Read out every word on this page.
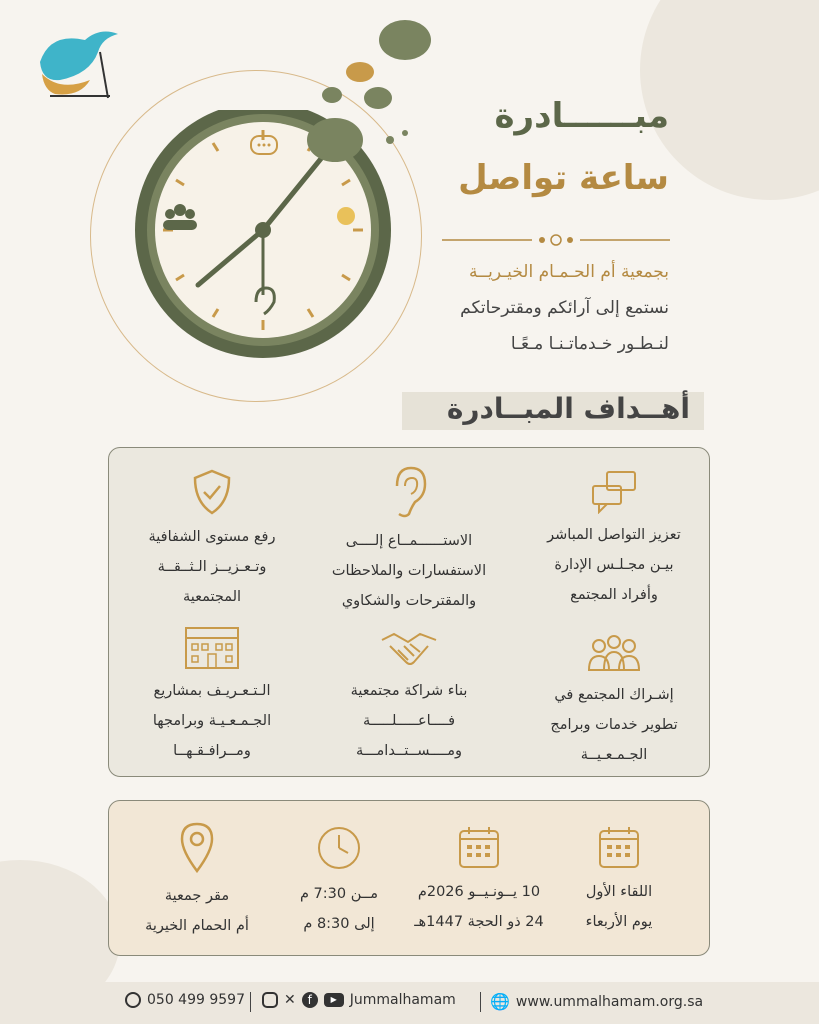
مبــــــادرة
ساعة تواصل
بجمعية أم الحـمـام الخيـريــة
نستمع إلى آرائكم ومقترحاتكم
لنـطـور خـدماتـنـا مـعًـا
أهــداف المبــادرة
تعزيز التواصل المباشر
بيـن مجـلـس الإدارة
وأفراد المجتمع
الاستــــــمــاع إلــــى
الاستفسارات والملاحظات
والمقترحات والشكاوي
رفع مستوى الشفافية
وتـعـزيــز الـثــقــة
المجتمعية
إشـراك المجتمع في
تطوير خدمات وبرامج
الجـمـعـيــة
بناء شراكة مجتمعية
فــــاعـــــلـــــة
ومــــســتــدامـــة
الـتـعـريـف بمشاريع
الجـمـعـيـة وبرامجها
ومــرافـقـهــا
اللقاء الأول
يوم الأربعاء
10 يــونـيــو 2026م
24 ذو الحجة 1447هـ
مــن 7:30 م
إلى 8:30 م
مقر جمعية
أم الحمام الخيرية
🌐 www.ummalhamam.org.sa
✕ f	▶ Jummalhamam
050 499 9597
